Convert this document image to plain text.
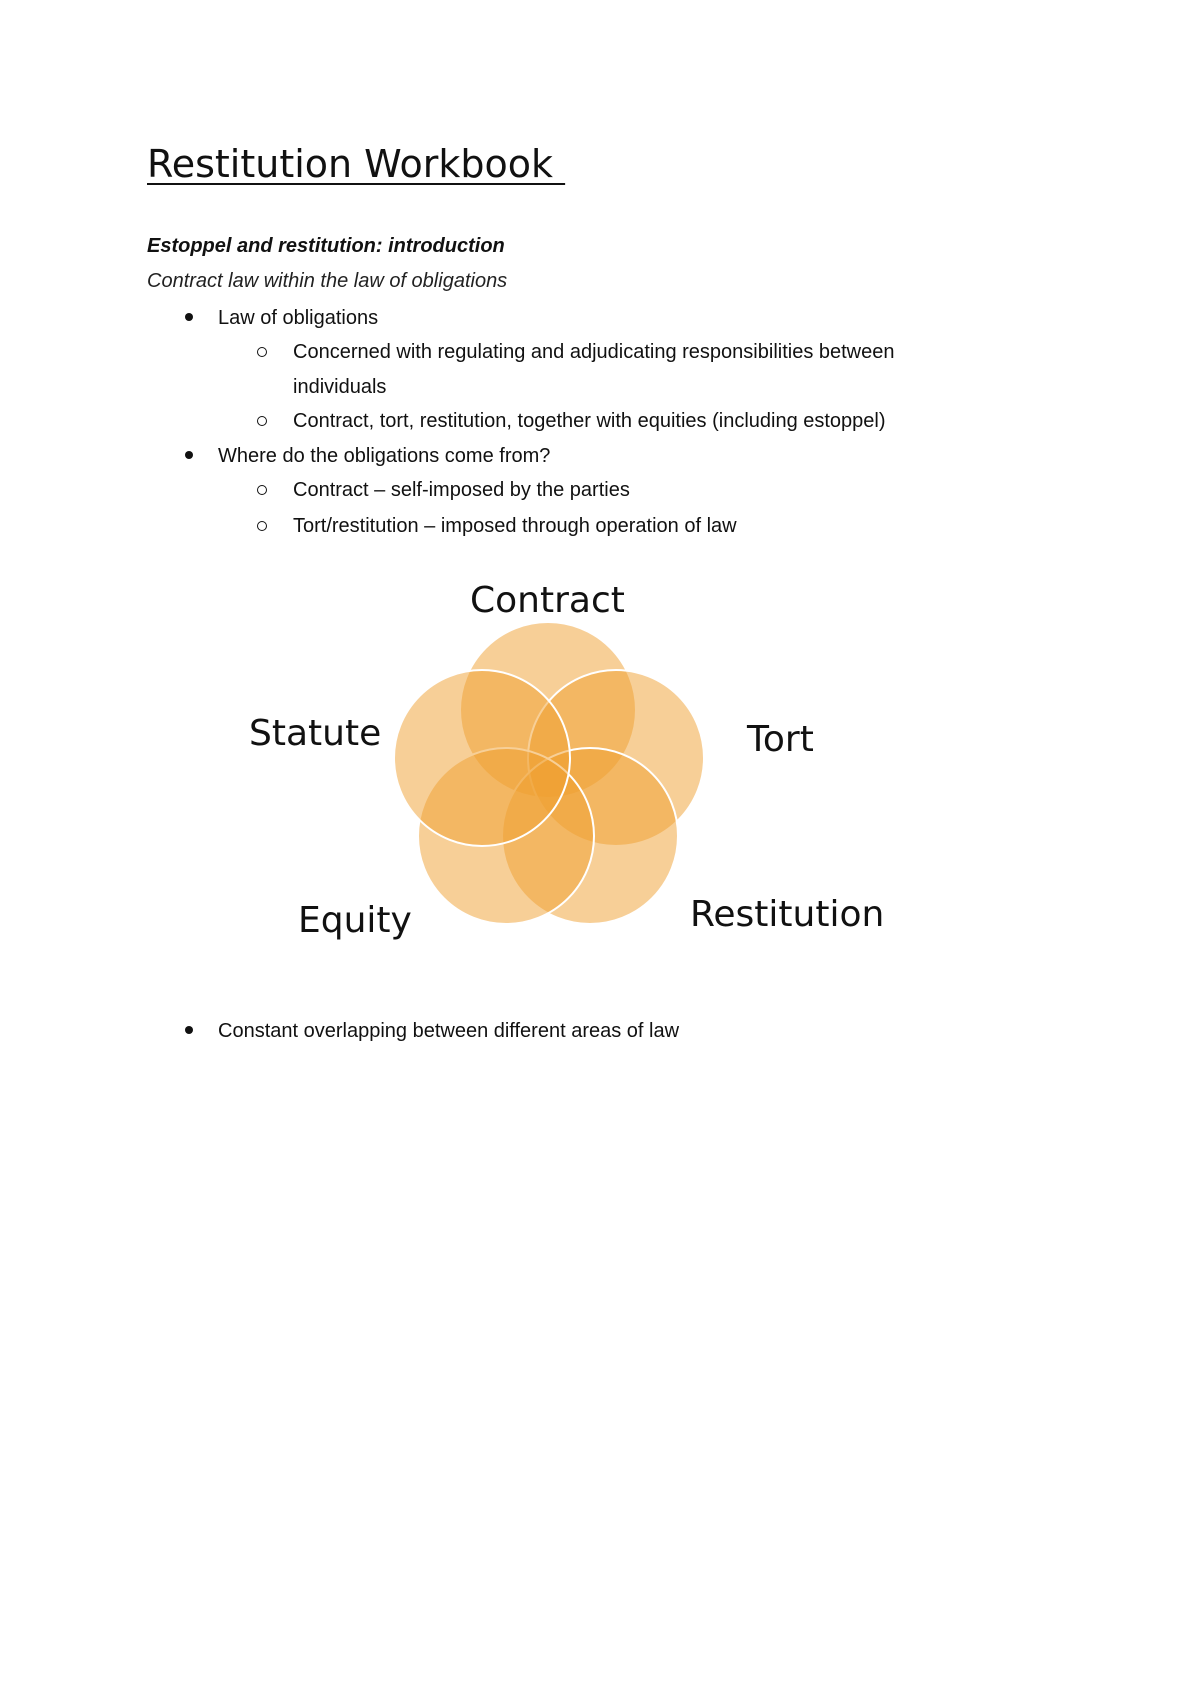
Restitution Workbook

Estoppel and restitution: introduction

Contract law within the law of obligations

Law of obligations
Concerned with regulating and adjudicating responsibilities between
individuals
Contract, tort, restitution, together with equities (including estoppel)
Where do the obligations come from?
Contract – self-imposed by the parties
Tort/restitution – imposed through operation of law
Contract
Tort
Restitution
Equity
Statute
Constant overlapping between different areas of law
